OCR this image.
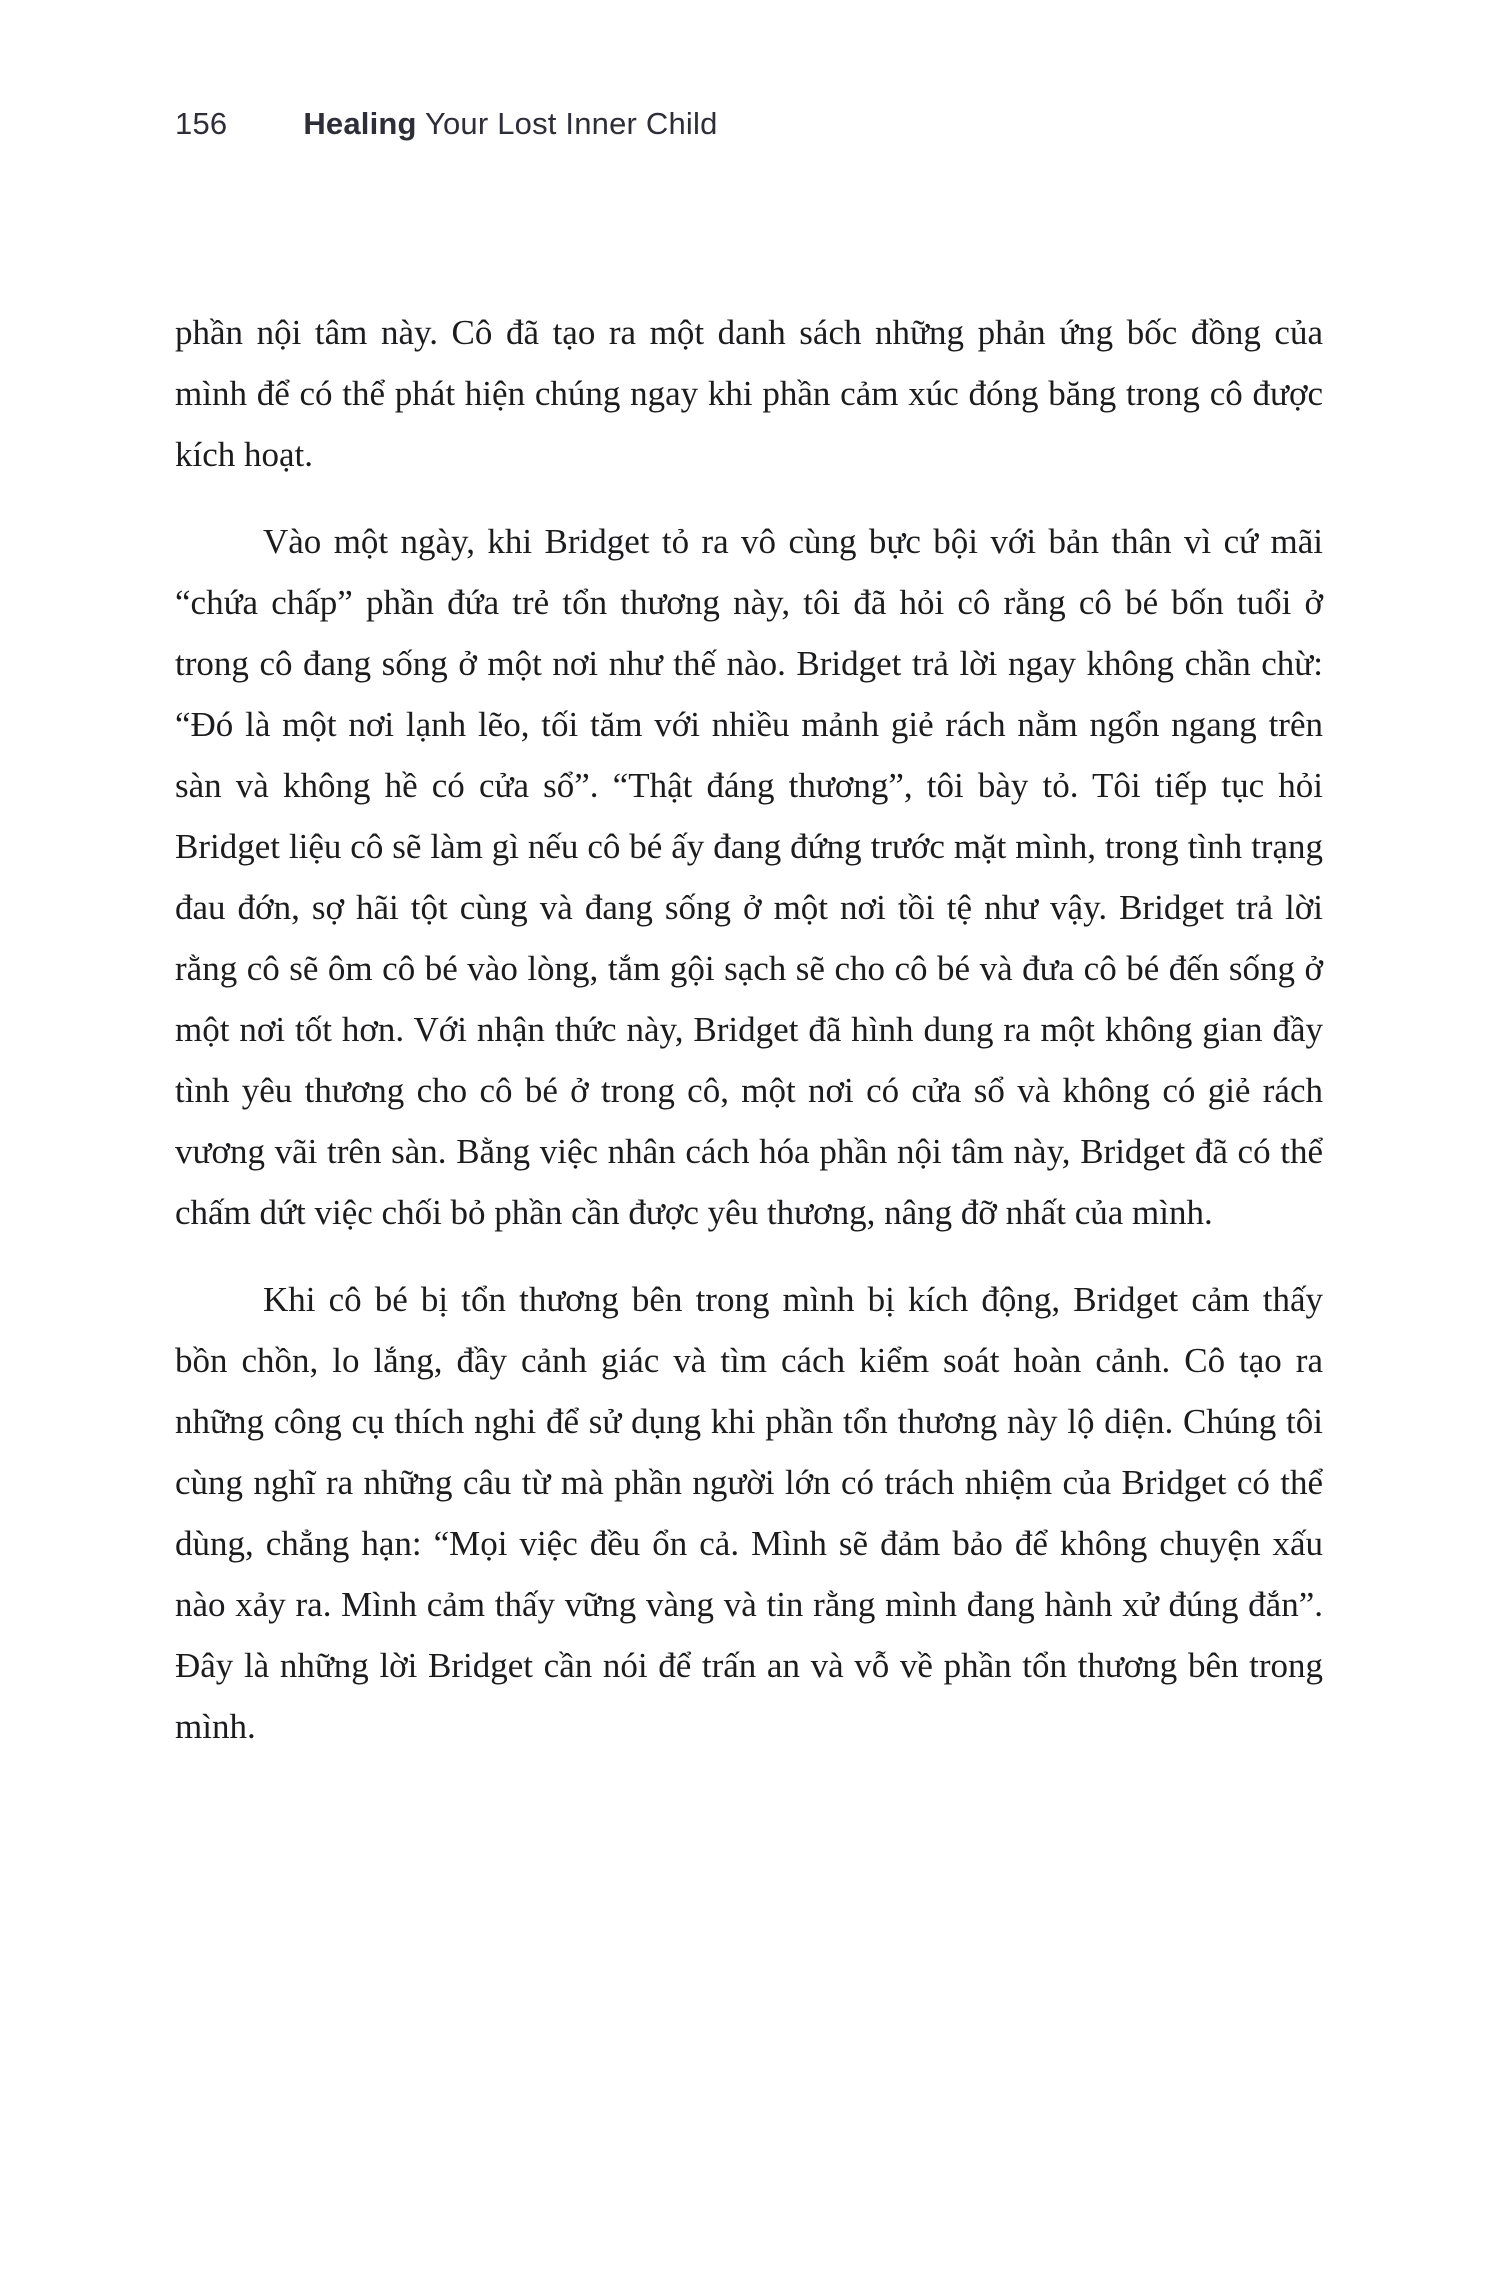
156 Healing Your Lost Inner Child

phần nội tâm này. Cô đã tạo ra một danh sách những phản ứng bốc đồng của mình để có thể phát hiện chúng ngay khi phần cảm xúc đóng băng trong cô được kích hoạt.

Vào một ngày, khi Bridget tỏ ra vô cùng bực bội với bản thân vì cứ mãi “chứa chấp” phần đứa trẻ tổn thương này, tôi đã hỏi cô rằng cô bé bốn tuổi ở trong cô đang sống ở một nơi như thế nào. Bridget trả lời ngay không chần chừ: “Đó là một nơi lạnh lẽo, tối tăm với nhiều mảnh giẻ rách nằm ngổn ngang trên sàn và không hề có cửa sổ”. “Thật đáng thương”, tôi bày tỏ. Tôi tiếp tục hỏi Bridget liệu cô sẽ làm gì nếu cô bé ấy đang đứng trước mặt mình, trong tình trạng đau đớn, sợ hãi tột cùng và đang sống ở một nơi tồi tệ như vậy. Bridget trả lời rằng cô sẽ ôm cô bé vào lòng, tắm gội sạch sẽ cho cô bé và đưa cô bé đến sống ở một nơi tốt hơn. Với nhận thức này, Bridget đã hình dung ra một không gian đầy tình yêu thương cho cô bé ở trong cô, một nơi có cửa sổ và không có giẻ rách vương vãi trên sàn. Bằng việc nhân cách hóa phần nội tâm này, Bridget đã có thể chấm dứt việc chối bỏ phần cần được yêu thương, nâng đỡ nhất của mình.

Khi cô bé bị tổn thương bên trong mình bị kích động, Bridget cảm thấy bồn chồn, lo lắng, đầy cảnh giác và tìm cách kiểm soát hoàn cảnh. Cô tạo ra những công cụ thích nghi để sử dụng khi phần tổn thương này lộ diện. Chúng tôi cùng nghĩ ra những câu từ mà phần người lớn có trách nhiệm của Bridget có thể dùng, chẳng hạn: “Mọi việc đều ổn cả. Mình sẽ đảm bảo để không chuyện xấu nào xảy ra. Mình cảm thấy vững vàng và tin rằng mình đang hành xử đúng đắn”. Đây là những lời Bridget cần nói để trấn an và vỗ về phần tổn thương bên trong mình.
